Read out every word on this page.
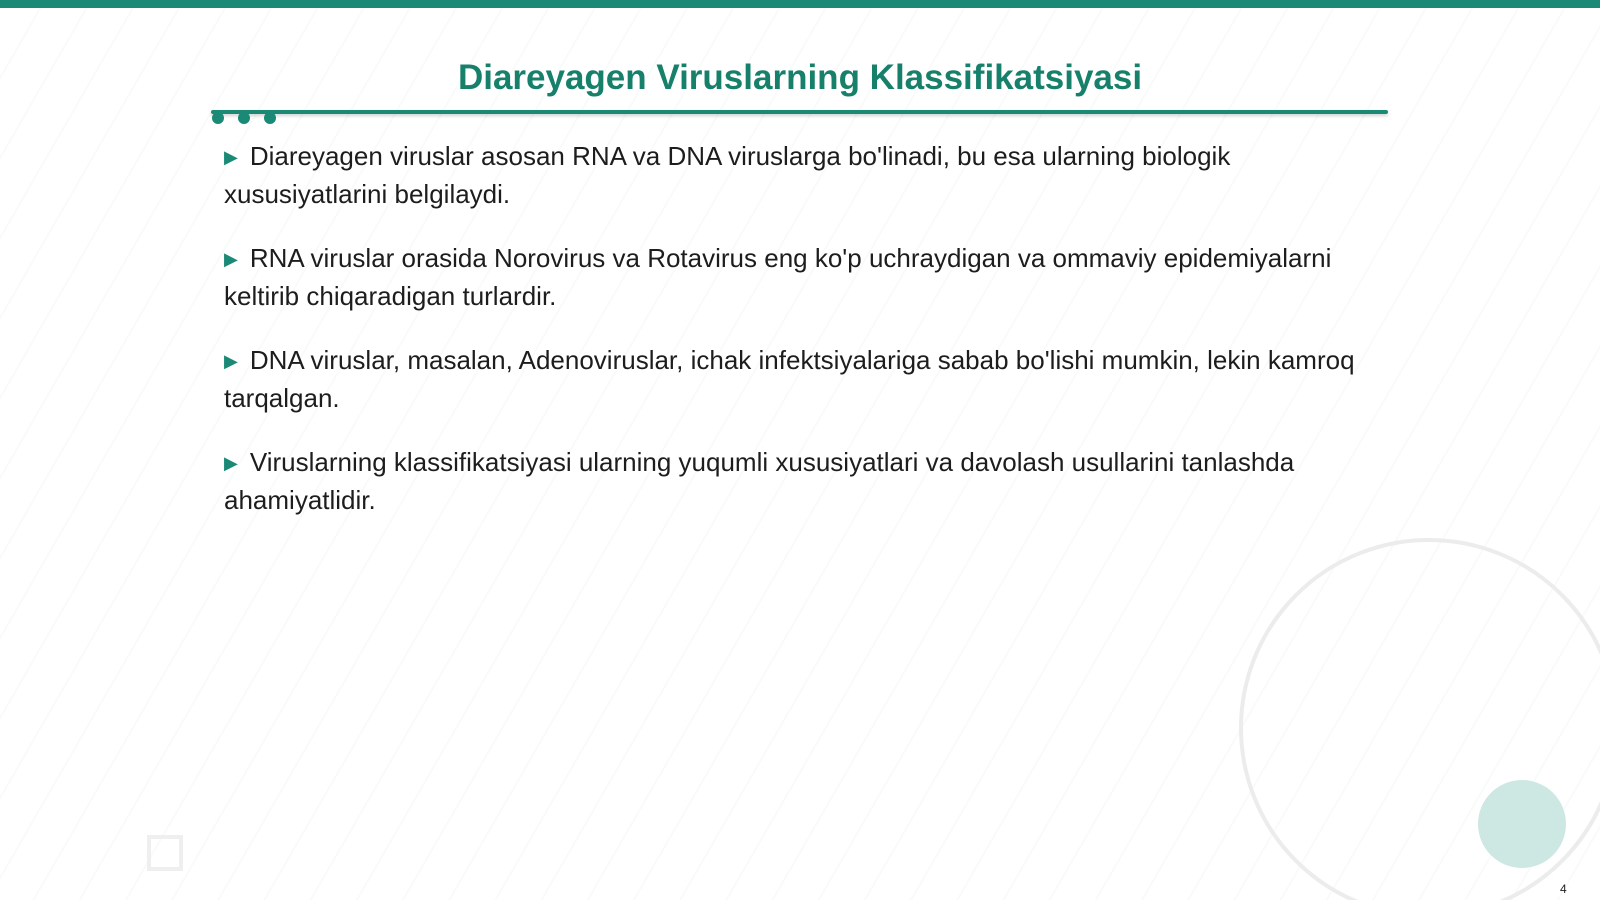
Diareyagen Viruslarning Klassifikatsiyasi
▶ Diareyagen viruslar asosan RNA va DNA viruslarga bo'linadi, bu esa ularning biologik xususiyatlarini belgilaydi.
▶ RNA viruslar orasida Norovirus va Rotavirus eng ko'p uchraydigan va ommaviy epidemiyalarni keltirib chiqaradigan turlardir.
▶ DNA viruslar, masalan, Adenoviruslar, ichak infektsiyalariga sabab bo'lishi mumkin, lekin kamroq tarqalgan.
▶ Viruslarning klassifikatsiyasi ularning yuqumli xususiyatlari va davolash usullarini tanlashda ahamiyatlidir.
4
